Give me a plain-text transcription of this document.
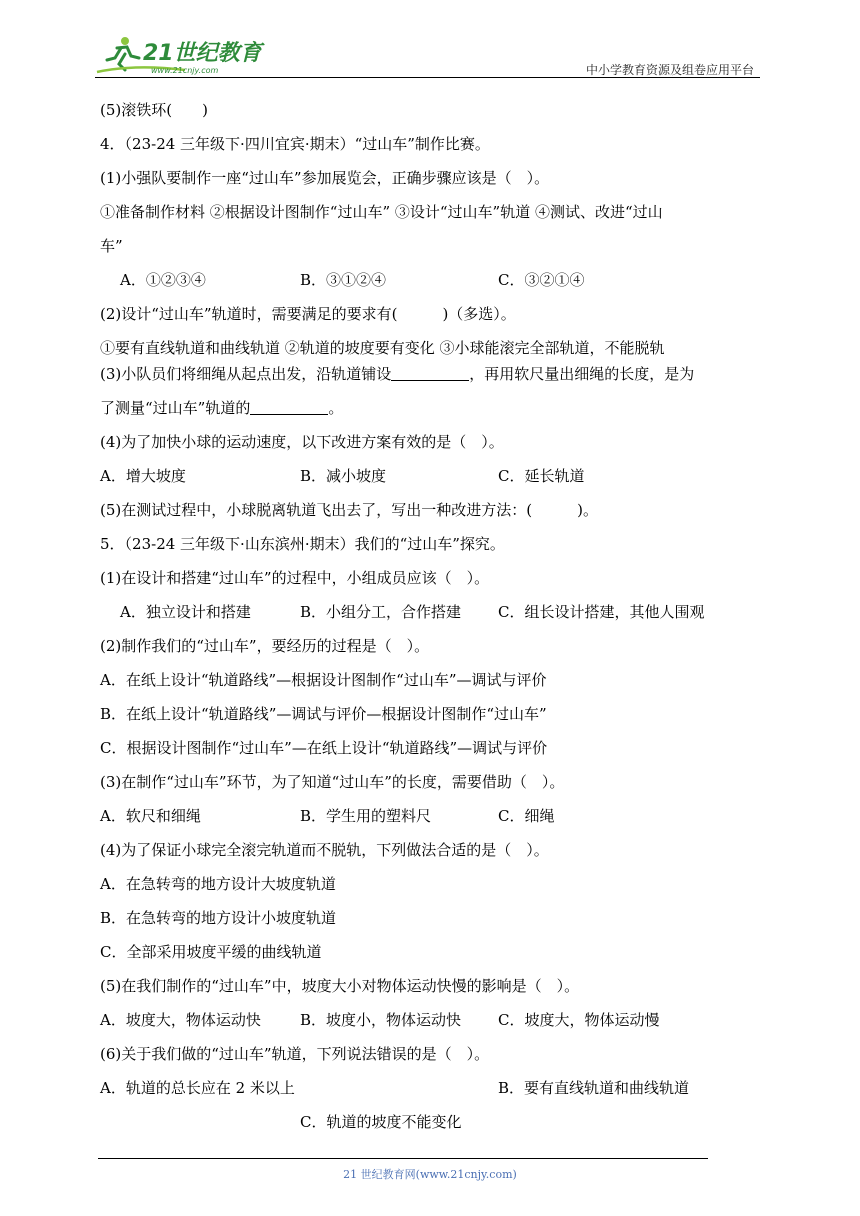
21世纪教育
www.21cnjy.com	中小学教育资源及组卷应用平台
(5)滚铁环(　　)
4．（23-24 三年级下·四川宜宾·期末）“过山车”制作比赛。
(1)小强队要制作一座“过山车”参加展览会，正确步骤应该是（　）。
①准备制作材料 ②根据设计图制作“过山车” ③设计“过山车”轨道 ④测试、改进“过山
车”
A．①②③④	B．③①②④	C．③②①④
(2)设计“过山车”轨道时，需要满足的要求有(　　　)（多选）。
①要有直线轨道和曲线轨道 ②轨道的坡度要有变化 ③小球能滚完全部轨道，不能脱轨
(3)小队员们将细绳从起点出发，沿轨道铺设	，再用软尺量出细绳的长度，是为
了测量“过山车”轨道的	。
(4)为了加快小球的运动速度，以下改进方案有效的是（　）。
A．增大坡度	B．减小坡度	C．延长轨道
(5)在测试过程中，小球脱离轨道飞出去了，写出一种改进方法：(　　　)。
5．（23-24 三年级下·山东滨州·期末）我们的“过山车”探究。
(1)在设计和搭建“过山车”的过程中，小组成员应该（　）。
A．独立设计和搭建	B．小组分工，合作搭建	C．组长设计搭建，其他人围观
(2)制作我们的“过山车”，要经历的过程是（　）。
A．在纸上设计“轨道路线”—根据设计图制作“过山车”—调试与评价
B．在纸上设计“轨道路线”—调试与评价—根据设计图制作“过山车”
C．根据设计图制作“过山车”—在纸上设计“轨道路线”—调试与评价
(3)在制作“过山车”环节，为了知道“过山车”的长度，需要借助（　）。
A．软尺和细绳	B．学生用的塑料尺	C．细绳
(4)为了保证小球完全滚完轨道而不脱轨，下列做法合适的是（　）。
A．在急转弯的地方设计大坡度轨道
B．在急转弯的地方设计小坡度轨道
C．全部采用坡度平缓的曲线轨道
(5)在我们制作的“过山车”中，坡度大小对物体运动快慢的影响是（　）。
A．坡度大，物体运动快	B．坡度小，物体运动快	C．坡度大，物体运动慢
(6)关于我们做的“过山车”轨道，下列说法错误的是（　）。
A．轨道的总长应在 2 米以上	B．要有直线轨道和曲线轨道
C．轨道的坡度不能变化
21 世纪教育网(www.21cnjy.com)
